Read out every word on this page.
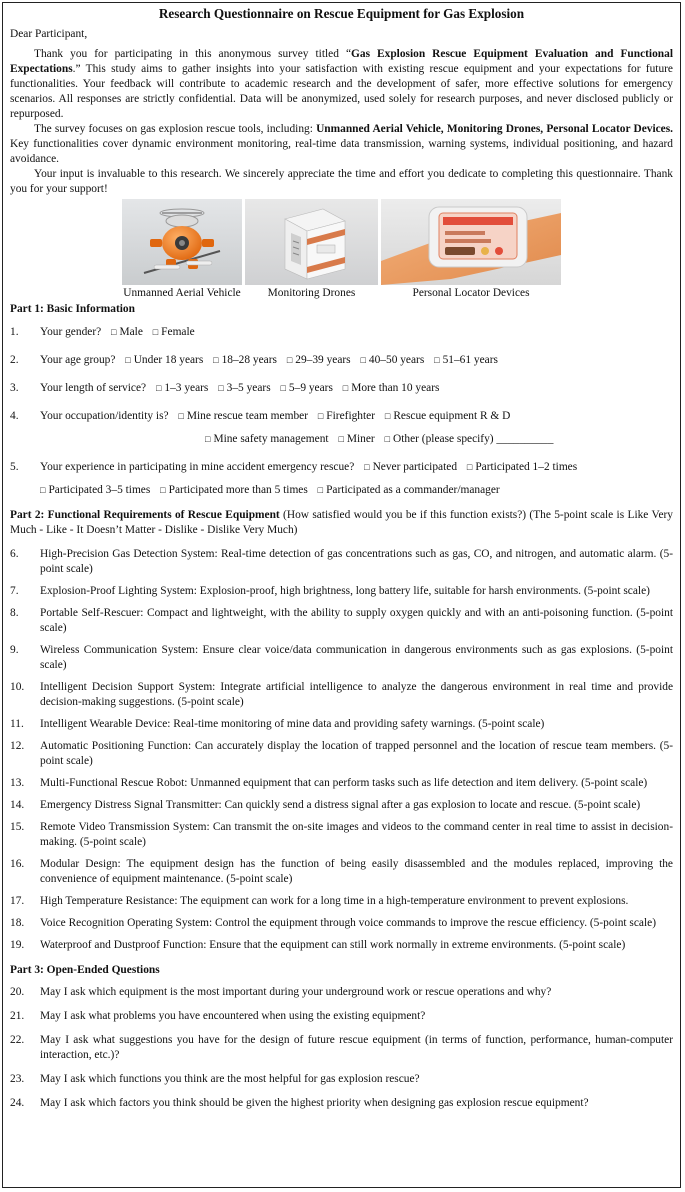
Research Questionnaire on Rescue Equipment for Gas Explosion
Dear Participant,

Thank you for participating in this anonymous survey titled “Gas Explosion Rescue Equipment Evaluation and Functional Expectations.” This study aims to gather insights into your satisfaction with existing rescue equipment and your expectations for future functionalities. Your feedback will contribute to academic research and the development of safer, more effective solutions for emergency scenarios. All responses are strictly confidential. Data will be anonymized, used solely for research purposes, and never disclosed publicly or repurposed.

The survey focuses on gas explosion rescue tools, including: Unmanned Aerial Vehicle, Monitoring Drones, Personal Locator Devices. Key functionalities cover dynamic environment monitoring, real-time data transmission, warning systems, individual positioning, and hazard avoidance.

Your input is invaluable to this research. We sincerely appreciate the time and effort you dedicate to completing this questionnaire. Thank you for your support!

Unmanned Aerial Vehicle Monitoring Drones	Personal Locator Devices
Part 1: Basic Information
1.	Your gender? □ Male □ Female
2.	Your age group? □ Under 18 years □ 18–28 years □ 29–39 years □ 40–50 years □ 51–61 years
3.	Your length of service? □ 1–3 years □ 3–5 years □ 5–9 years □ More than 10 years
4.	Your occupation/identity is? □ Mine rescue team member □ Firefighter □ Rescue equipment R & D
□ Mine safety management □ Miner □ Other (please specify) __________
5.	Your experience in participating in mine accident emergency rescue? □ Never participated □ Participated 1–2 times
□ Participated 3–5 times □ Participated more than 5 times □ Participated as a commander/manager
Part 2: Functional Requirements of Rescue Equipment (How satisfied would you be if this function exists?) (The 5-point scale is Like Very Much - Like - It Doesn’t Matter - Dislike - Dislike Very Much)
6.	High-Precision Gas Detection System: Real-time detection of gas concentrations such as gas, CO, and nitrogen, and automatic alarm. (5-point scale)
7.	Explosion-Proof Lighting System: Explosion-proof, high brightness, long battery life, suitable for harsh environments. (5-point scale)
8.	Portable Self-Rescuer: Compact and lightweight, with the ability to supply oxygen quickly and with an anti-poisoning function. (5-point scale)
9.	Wireless Communication System: Ensure clear voice/data communication in dangerous environments such as gas explosions. (5-point scale)
10.	Intelligent Decision Support System: Integrate artificial intelligence to analyze the dangerous environment in real time and provide decision-making suggestions. (5-point scale)
11.	Intelligent Wearable Device: Real-time monitoring of mine data and providing safety warnings. (5-point scale)
12.	Automatic Positioning Function: Can accurately display the location of trapped personnel and the location of rescue team members. (5-point scale)
13.	Multi-Functional Rescue Robot: Unmanned equipment that can perform tasks such as life detection and item delivery. (5-point scale)
14.	Emergency Distress Signal Transmitter: Can quickly send a distress signal after a gas explosion to locate and rescue. (5-point scale)
15.	Remote Video Transmission System: Can transmit the on-site images and videos to the command center in real time to assist in decision-making. (5-point scale)
16.	Modular Design: The equipment design has the function of being easily disassembled and the modules replaced, improving the convenience of equipment maintenance. (5-point scale)
17.	High Temperature Resistance: The equipment can work for a long time in a high-temperature environment to prevent explosions.
18.	Voice Recognition Operating System: Control the equipment through voice commands to improve the rescue efficiency. (5-point scale)
19.	Waterproof and Dustproof Function: Ensure that the equipment can still work normally in extreme environments. (5-point scale)
Part 3: Open-Ended Questions
20.	May I ask which equipment is the most important during your underground work or rescue operations and why?
21.	May I ask what problems you have encountered when using the existing equipment?
22.	May I ask what suggestions you have for the design of future rescue equipment (in terms of function, performance, human-computer interaction, etc.)?
23.	May I ask which functions you think are the most helpful for gas explosion rescue?
24.	May I ask which factors you think should be given the highest priority when designing gas explosion rescue equipment?
